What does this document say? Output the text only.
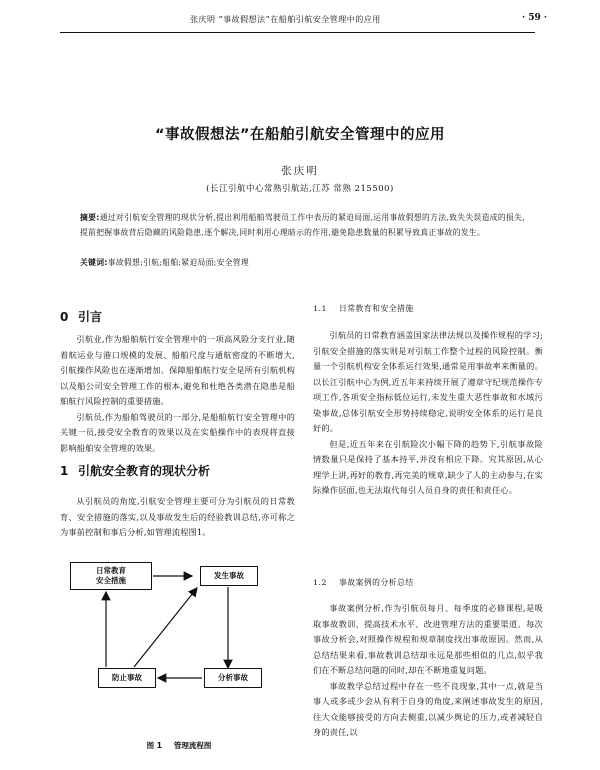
张庆明 “事故假想法”在船舶引航安全管理中的应用	· 59 ·
“事故假想法”在船舶引航安全管理中的应用
张庆明
(长江引航中心常熟引航站,江苏 常熟 215500)
摘要:通过对引航安全管理的现状分析,提出利用船舶驾驶员工作中表历的紧迫局面,运用事故假想的方法,致失失误造成的损失,提前把握事故背后隐藏的风险隐患,逐个解决,同时利用心理暗示的作用,避免隐患数量的积累导致真正事故的发生。
关键词:事故假想;引航;船舶;紧迫局面;安全管理
0 引言

引航业,作为船舶航行安全管理中的一项高风险分支行业,随着航运业与港口规模的发展、船舶尺度与通航密度的不断增大,引航操作风险也在逐渐增加。保障船舶航行安全是所有引航机构以及船公司安全管理工作的根本,避免和杜绝各类潜在隐患是船舶航行风险控制的重要措施。

引航员,作为船舶驾驶员的一部分,是船舶航行安全管理中的关键一员,接受安全教育的效果以及在实船操作中的表现将直接影响船舶安全管理的效果。

1 引航安全教育的现状分析

从引航员的角度,引航安全管理主要可分为引航员的日常教育、安全措施的落实,以及事故发生后的经验教训总结,亦可称之为事前控制和事后分析,如管理流程图1。

日常教育
安全措施
发生事故
分析事故
防止事故
图 1 管理流程图
1.1 日常教育和安全措施

引航员的日常教育涵盖国家法律法规以及操作规程的学习;引航安全措施的落实则是对引航工作整个过程的风险控制。衡量一个引航机构安全体系运行效果,通常是用事故率来衡量的。以长江引航中心为例,近五年来持续开展了遵章守纪规范操作专项工作,各项安全指标低位运行,未发生重大恶性事故和水域污染事故,总体引航安全形势持续稳定,说明安全体系的运行是良好的。

但是,近五年来在引航险次小幅下降的趋势下,引航事故险情数量只是保持了基本持平,并没有相应下降。究其原因,从心理学上讲,再好的教育,再完美的规章,缺少了人的主动参与,在实际操作层面,也无法取代每引人员自身的责任和责任心。

1.2 事故案例的分析总结

事故案例分析,作为引航员每月、每季度的必修课程,是吸取事故教训、提高技术水平、改进管理方法的重要渠道。每次事故分析会,对照操作规程和规章制度找出事故原因。然而,从总结结果来看,事故教训总结却永远是那些相似的几点,似乎我们在不断总结问题的同时,却在不断地重复问题。

事故教学总结过程中存在一些不良现象,其中一点,就是当事人或多或少会从有利于自身的角度,来阐述事故发生的原因,往大众能够接受的方向去侧重,以减少舆论的压力,或者减轻自身的责任,以
